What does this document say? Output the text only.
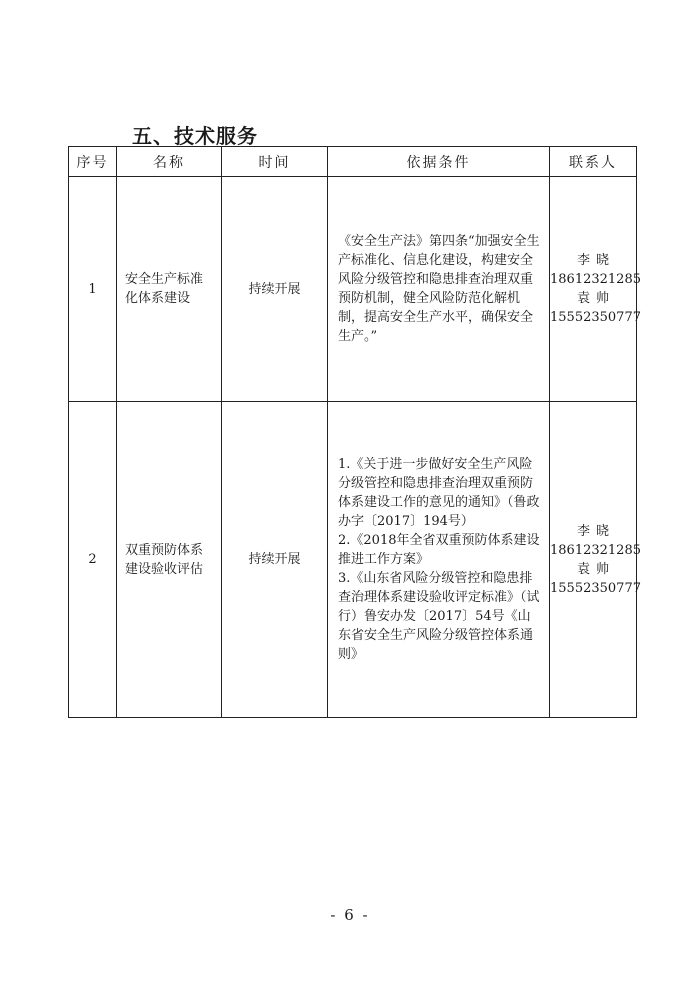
五、技术服务
序号	名称	时间	依据条件	联系人
1	安全生产标准化体系建设	持续开展	《安全生产法》第四条“加强安全生产标准化、信息化建设，构建安全风险分级管控和隐患排查治理双重预防机制，健全风险防范化解机制，提高安全生产水平，确保安全生产。”	李晓
18612321285
袁帅
15552350777

2	双重预防体系建设验收评估	持续开展	1.《关于进一步做好安全生产风险分级管控和隐患排查治理双重预防体系建设工作的意见的通知》（鲁政办字〔2017〕194号）
2.《2018年全省双重预防体系建设推进工作方案》
3.《山东省风险分级管控和隐患排查治理体系建设验收评定标准》（试行）鲁安办发〔2017〕54号《山东省安全生产风险分级管控体系通则》	李晓
18612321285
袁帅
15552350777
- 6 -
